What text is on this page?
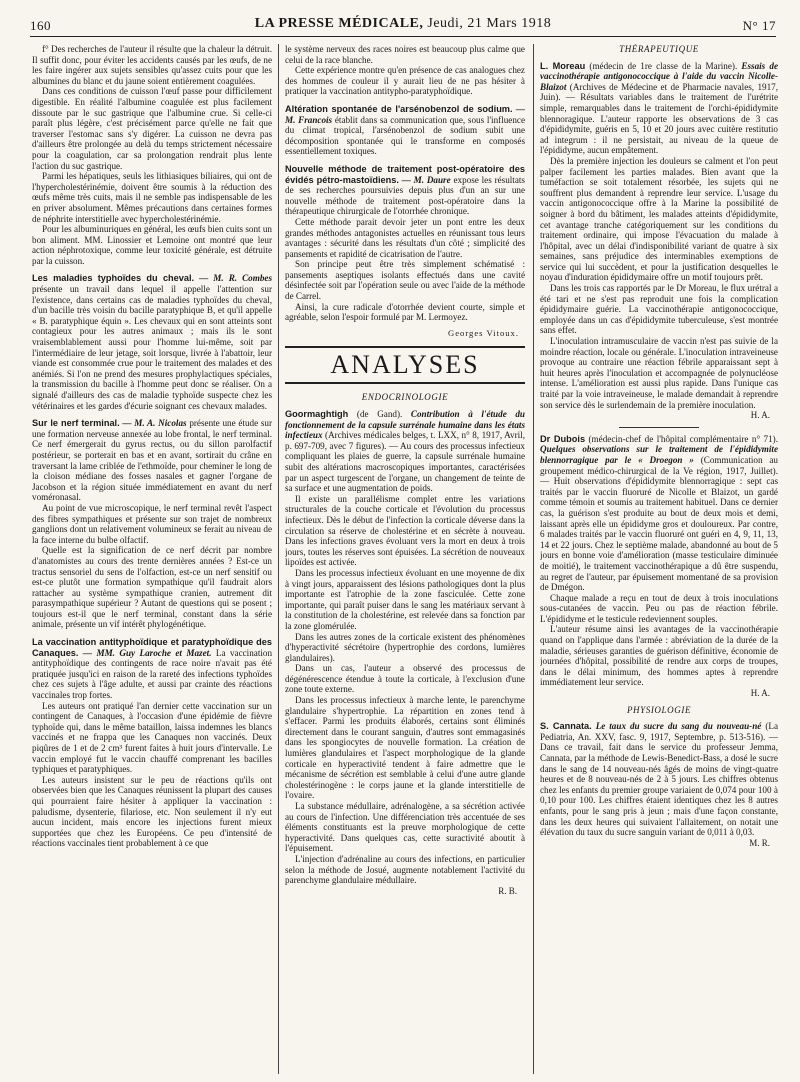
160	LA PRESSE MÉDICALE, Jeudi, 21 Mars 1918	N° 17

f° Des recherches de l'auteur il résulte que la chaleur la détruit. Il suffit donc, pour éviter les accidents causés par les œufs, de ne les faire ingérer aux sujets sensibles qu'assez cuits pour que les albumines du blanc et du jaune soient entièrement coagulées.

Dans ces conditions de cuisson l'œuf passe pour difficilement digestible. En réalité l'albumine coagulée est plus facilement dissoute par le suc gastrique que l'albumine crue. Si celle-ci paraît plus légère, c'est précisément parce qu'elle ne fait que traverser l'estomac sans s'y digérer. La cuisson ne devra pas d'ailleurs être prolongée au delà du temps strictement nécessaire pour la coagulation, car sa prolongation rendrait plus lente l'action du suc gastrique.

Parmi les hépatiques, seuls les lithiasiques biliaires, qui ont de l'hypercholestérinémie, doivent être soumis à la réduction des œufs même très cuits, mais il ne semble pas indispensable de les en priver absolument. Mêmes précautions dans certaines formes de néphrite interstitielle avec hypercholestérinémie.

Pour les albuminuriques en général, les œufs bien cuits sont un bon aliment. MM. Linossier et Lemoine ont montré que leur action néphrotoxique, comme leur toxicité générale, est détruite par la cuisson.

Les maladies typhoïdes du cheval. — M. R. Combes présente un travail dans lequel il appelle l'attention sur l'existence, dans certains cas de maladies typhoïdes du cheval, d'un bacille très voisin du bacille paratyphique B, et qu'il appelle « B. paratyphique équin ». Les chevaux qui en sont atteints sont contagieux pour les autres animaux ; mais ils le sont vraisemblablement aussi pour l'homme lui-même, soit par l'intermédiaire de leur jetage, soit lorsque, livrée à l'abattoir, leur viande est consommée crue pour le traitement des malades et des anémiés. Si l'on ne prend des mesures prophylactiques spéciales, la transmission du bacille à l'homme peut donc se réaliser. On a signalé d'ailleurs des cas de maladie typhoïde suspecte chez les vétérinaires et les gardes d'écurie soignant ces chevaux malades.

Sur le nerf terminal. — M. A. Nicolas présente une étude sur une formation nerveuse annexée au lobe frontal, le nerf terminal. Ce nerf émergerait du gyrus rectus, ou du sillon parolfactif postérieur, se porterait en bas et en avant, sortirait du crâne en traversant la lame criblée de l'ethmoïde, pour cheminer le long de la cloison médiane des fosses nasales et gagner l'organe de Jacobson et la région située immédiatement en avant du nerf voméronasal.

Au point de vue microscopique, le nerf terminal revêt l'aspect des fibres sympathiques et présente sur son trajet de nombreux ganglions dont un relativement volumineux se ferait au niveau de la face interne du bulbe olfactif.

Quelle est la signification de ce nerf décrit par nombre d'anatomistes au cours des trente dernières années ? Est-ce un tractus sensoriel du sens de l'olfaction, est-ce un nerf sensitif ou est-ce plutôt une formation sympathique qu'il faudrait alors rattacher au système sympathique cranien, autrement dit parasympathique supérieur ? Autant de questions qui se posent ; toujours est-il que le nerf terminal, constant dans la série animale, présente un vif intérêt phylogénétique.

La vaccination antityphoïdique et paratyphoïdique des Canaques. — MM. Guy Laroche et Mazet. La vaccination antityphoïdique des contingents de race noire n'avait pas été pratiquée jusqu'ici en raison de la rareté des infections typhoïdes chez ces sujets à l'âge adulte, et aussi par crainte des réactions vaccinales trop fortes.

Les auteurs ont pratiqué l'an dernier cette vaccination sur un contingent de Canaques, à l'occasion d'une épidémie de fièvre typhoïde qui, dans le même bataillon, laissa indemnes les blancs vaccinés et ne frappa que les Canaques non vaccinés. Deux piqûres de 1 et de 2 cm³ furent faites à huit jours d'intervalle. Le vaccin employé fut le vaccin chauffé comprenant les bacilles typhiques et paratyphiques.

Les auteurs insistent sur le peu de réactions qu'ils ont observées bien que les Canaques réunissent la plupart des causes qui pourraient faire hésiter à appliquer la vaccination : paludisme, dysenterie, filariose, etc. Non seulement il n'y eut aucun incident, mais encore les injections furent mieux supportées que chez les Européens. Ce peu d'intensité de réactions vaccinales tient probablement à ce que

le système nerveux des races noires est beaucoup plus calme que celui de la race blanche.

Cette expérience montre qu'en présence de cas analogues chez des hommes de couleur il y aurait lieu de ne pas hésiter à pratiquer la vaccination antitypho-paratyphoïdique.

Altération spontanée de l'arsénobenzol de sodium. — M. Francois établit dans sa communication que, sous l'influence du climat tropical, l'arsénobenzol de sodium subit une décomposition spontanée qui le transforme en composés essentiellement toxiques.

Nouvelle méthode de traitement post-opératoire des évidés pétro-mastoïdiens. — M. Daure expose les résultats de ses recherches poursuivies depuis plus d'un an sur une nouvelle méthode de traitement post-opératoire dans la thérapeutique chirurgicale de l'otorrhée chronique.

Cette méthode parait devoir jeter un pont entre les deux grandes méthodes antagonistes actuelles en réunissant tous leurs avantages : sécurité dans les résultats d'un côté ; simplicité des pansements et rapidité de cicatrisation de l'autre.

Son principe peut être très simplement schématisé : pansements aseptiques isolants effectués dans une cavité désinfectée soit par l'opération seule ou avec l'aide de la méthode de Carrel.

Ainsi, la cure radicale d'otorrhée devient courte, simple et agréable, selon l'espoir formulé par M. Lermoyez.

Georges Vitoux.

ANALYSES

ENDOCRINOLOGIE

Goormaghtigh (de Gand). Contribution à l'étude du fonctionnement de la capsule surrénale humaine dans les états infectieux (Archives médicales belges, t. LXX, n° 8, 1917, Avril, p. 697-709, avec 7 figures). — Au cours des processus infectieux compliquant les plaies de guerre, la capsule surrénale humaine subit des altérations macroscopiques importantes, caractérisées par un aspect turgescent de l'organe, un changement de teinte de sa surface et une augmentation de poids.

Il existe un parallélisme complet entre les variations structurales de la couche corticale et l'évolution du processus infectieux. Dès le début de l'infection la corticale déverse dans la circulation sa réserve de cholestérine et en sécrète à nouveau. Dans les infections graves évoluant vers la mort en deux à trois jours, toutes les réserves sont épuisées. La sécrétion de nouveaux lipoïdes est activée.

Dans les processus infectieux évoluant en une moyenne de dix à vingt jours, apparaissent des lésions pathologiques dont la plus importante est l'atrophie de la zone fasciculée. Cette zone importante, qui paraît puiser dans le sang les matériaux servant à la constitution de la cholestérine, est relevée dans sa fonction par la zone glomérulée.

Dans les autres zones de la corticale existent des phénomènes d'hyperactivité sécrétoire (hypertrophie des cordons, lumières glandulaires).

Dans un cas, l'auteur a observé des processus de dégénérescence étendue à toute la corticale, à l'exclusion d'une zone toute externe.

Dans les processus infectieux à marche lente, le parenchyme glandulaire s'hypertrophie. La répartition en zones tend à s'effacer. Parmi les produits élaborés, certains sont éliminés directement dans le courant sanguin, d'autres sont emmagasinés dans les spongiocytes de nouvelle formation. La création de lumières glandulaires et l'aspect morphologique de la glande corticale en hyperactivité tendent à faire admettre que le mécanisme de sécrétion est semblable à celui d'une autre glande cholestérinogène : le corps jaune et la glande interstitielle de l'ovaire.

La substance médullaire, adrénalogène, a sa sécrétion activée au cours de l'infection. Une différenciation très accentuée de ses éléments constituants est la preuve morphologique de cette hyperactivité. Dans quelques cas, cette suractivité aboutit à l'épuisement.

L'injection d'adrénaline au cours des infections, en particulier selon la méthode de Josué, augmente notablement l'activité du parenchyme glandulaire médullaire.

R. B.

THÉRAPEUTIQUE

L. Moreau (médecin de 1re classe de la Marine). Essais de vaccinothérapie antigonococcique à l'aide du vaccin Nicolle-Blaizot (Archives de Médecine et de Pharmacie navales, 1917, Juin). — Résultats variables dans le traitement de l'urétrite simple, remarquables dans le traitement de l'orchi-épididymite blennoragique. L'auteur rapporte les observations de 3 cas d'épididymite, guéris en 5, 10 et 20 jours avec cuitère restitutio ad integrum : il ne persistait, au niveau de la queue de l'épididyme, aucun empâtement.

Dès la première injection les douleurs se calment et l'on peut palper facilement les parties malades. Bien avant que la tuméfaction se soit totalement résorbée, les sujets qui ne souffrent plus demandent à reprendre leur service. L'usage du vaccin antigonococcique offre à la Marine la possibilité de soigner à bord du bâtiment, les malades atteints d'épididymite, cet avantage tranche catégoriquement sur les conditions du traitement ordinaire, qui impose l'évacuation du malade à l'hôpital, avec un délai d'indisponibilité variant de quatre à six semaines, sans préjudice des interminables exemptions de service qui lui succèdent, et pour la justification desquelles le noyau d'induration épididymaire offre un motif toujours prêt.

Dans les trois cas rapportés par le Dr Moreau, le flux urétral a été tari et ne s'est pas reproduit une fois la complication épididymaire guérie. La vaccinothérapie antigonococcique, employée dans un cas d'épididymite tuberculeuse, s'est montrée sans effet.

L'inoculation intramusculaire de vaccin n'est pas suivie de la moindre réaction, locale ou générale. L'inoculation intraveineuse provoque au contraire une réaction fébrile apparaissant sept à huit heures après l'inoculation et accompagnée de polynucléose intense. L'amélioration est aussi plus rapide. Dans l'unique cas traité par la voie intraveineuse, le malade demandait à reprendre son service dès le surlendemain de la première inoculation.

H. A.

Dr Dubois (médecin-chef de l'hôpital complémentaire n° 71). Quelques observations sur le traitement de l'épididymite blennorragique par le « Droegon » (Communication au groupement médico-chirurgical de la Ve région, 1917, Juillet). — Huit observations d'épididymite blennorragique : sept cas traités par le vaccin fluoruré de Nicolle et Blaizot, un gardé comme témoin et soumis au traitement habituel. Dans ce dernier cas, la guérison s'est produite au bout de deux mois et demi, laissant après elle un épididyme gros et douloureux. Par contre, 6 malades traités par le vaccin fluoruré ont guéri en 4, 9, 11, 13, 14 et 22 jours. Chez le septième malade, abandonné au bout de 5 jours en bonne voie d'amélioration (masse testiculaire diminuée de moitié), le traitement vaccinothérapique a dû être suspendu, au regret de l'auteur, par épuisement momentané de sa provision de Dmégon.

Chaque malade a reçu en tout de deux à trois inoculations sous-cutanées de vaccin. Peu ou pas de réaction fébrile. L'épididyme et le testicule redeviennent souples.

L'auteur résume ainsi les avantages de la vaccinothérapie quand on l'applique dans l'armée : abréviation de la durée de la maladie, sérieuses garanties de guérison définitive, économie de journées d'hôpital, possibilité de rendre aux corps de troupes, dans le délai minimum, des hommes aptes à reprendre immédiatement leur service.

H. A.

PHYSIOLOGIE

S. Cannata. Le taux du sucre du sang du nouveau-né (La Pediatria, An. XXV, fasc. 9, 1917, Septembre, p. 513-516). — Dans ce travail, fait dans le service du professeur Jemma, Cannata, par la méthode de Lewis-Benedict-Bass, a dosé le sucre dans le sang de 14 nouveau-nés âgés de moins de vingt-quatre heures et de 8 nouveau-nés de 2 à 5 jours. Les chiffres obtenus chez les enfants du premier groupe variaient de 0,074 pour 100 à 0,10 pour 100. Les chiffres étaient identiques chez les 8 autres enfants, pour le sang pris à jeun ; mais d'une façon constante, dans les deux heures qui suivaient l'allaitement, on notait une élévation du taux du sucre sanguin variant de 0,011 à 0,03.

M. R.
